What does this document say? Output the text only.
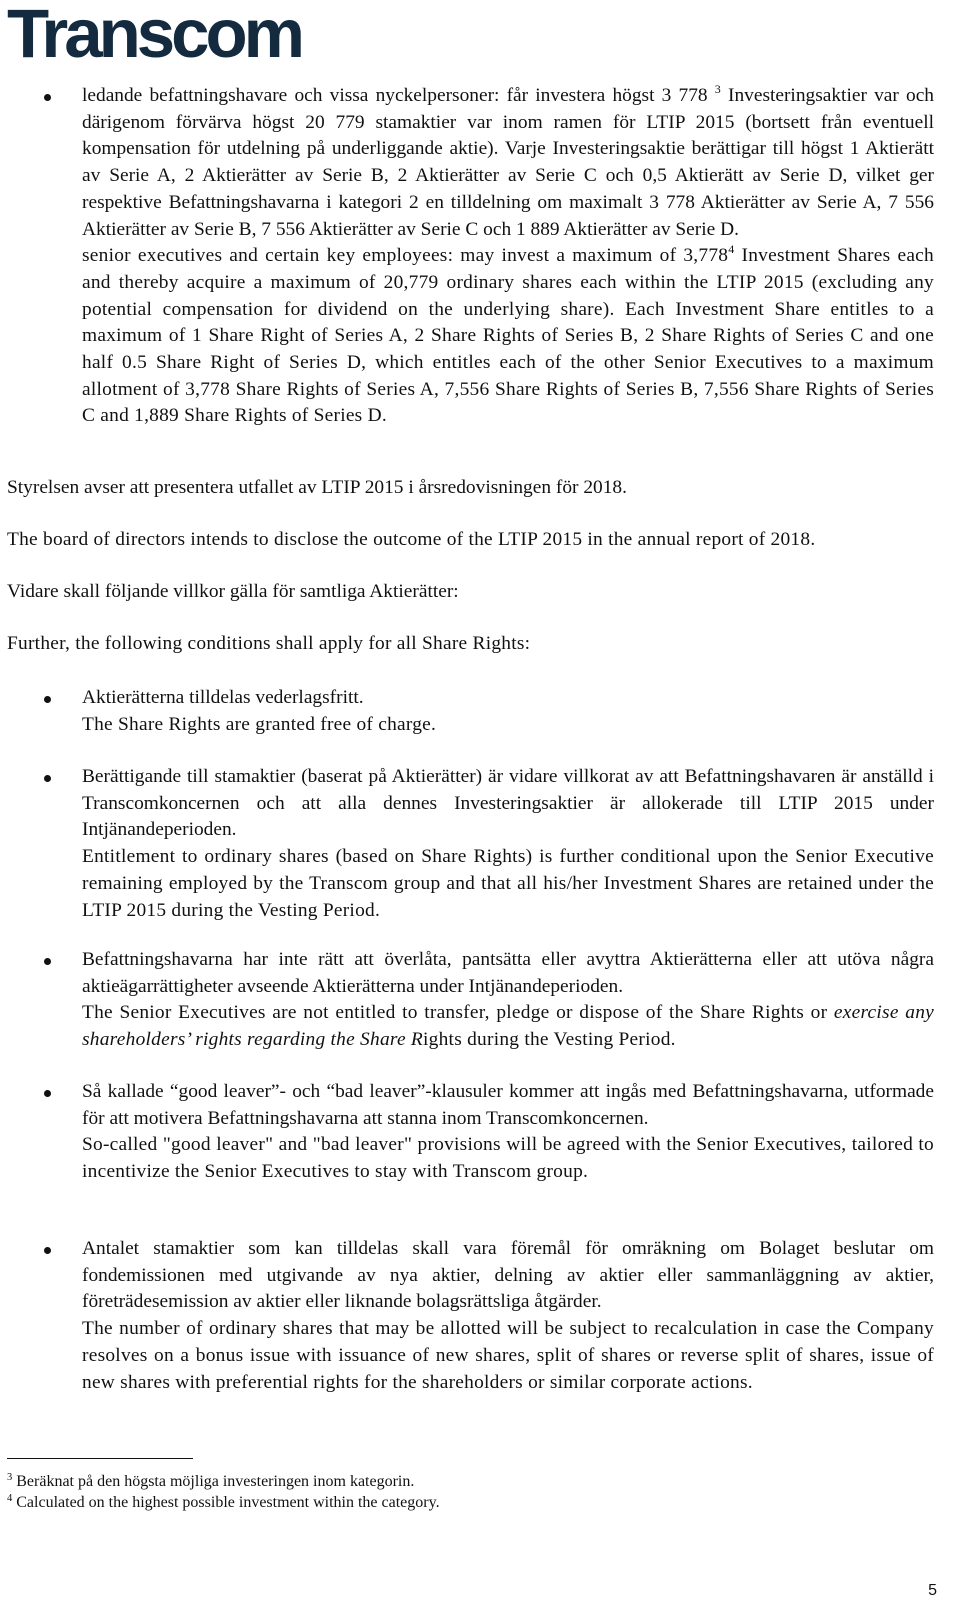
Transcom

ledande befattningshavare och vissa nyckelpersoner: får investera högst 3 778 $^3$ Investeringsaktier var och därigenom förvärva högst 20 779 stamaktier var inom ramen för LTIP 2015 (bortsett från eventuell kompensation för utdelning på underliggande aktie). Varje Investeringsaktie berättigar till högst 1 Aktierätt av Serie A, 2 Aktierätter av Serie B, 2 Aktierätter av Serie C och 0,5 Aktierätt av Serie D, vilket ger respektive Befattningshavarna i kategori 2 en tilldelning om maximalt 3 778 Aktierätter av Serie A, 7 556 Aktierätter av Serie B, 7 556 Aktierätter av Serie C och 1 889 Aktierätter av Serie D.

senior executives and certain key employees: may invest a maximum of 3,778$^4$ Investment Shares each and thereby acquire a maximum of 20,779 ordinary shares each within the LTIP 2015 (excluding any potential compensation for dividend on the underlying share). Each Investment Share entitles to a maximum of 1 Share Right of Series A, 2 Share Rights of Series B, 2 Share Rights of Series C and one half 0.5 Share Right of Series D, which entitles each of the other Senior Executives to a maximum allotment of 3,778 Share Rights of Series A, 7,556 Share Rights of Series B, 7,556 Share Rights of Series C and 1,889 Share Rights of Series D.

Styrelsen avser att presentera utfallet av LTIP 2015 i årsredovisningen för 2018.

The board of directors intends to disclose the outcome of the LTIP 2015 in the annual report of 2018.

Vidare skall följande villkor gälla för samtliga Aktierätter:

Further, the following conditions shall apply for all Share Rights:

Aktierätterna tilldelas vederlagsfritt.

The Share Rights are granted free of charge.

Berättigande till stamaktier (baserat på Aktierätter) är vidare villkorat av att Befattningshavaren är anställd i Transcomkoncernen och att alla dennes Investeringsaktier är allokerade till LTIP 2015 under Intjänandeperioden.

Entitlement to ordinary shares (based on Share Rights) is further conditional upon the Senior Executive remaining employed by the Transcom group and that all his/her Investment Shares are retained under the LTIP 2015 during the Vesting Period.

Befattningshavarna har inte rätt att överlåta, pantsätta eller avyttra Aktierätterna eller att utöva några aktieägarrättigheter avseende Aktierätterna under Intjänandeperioden.

The Senior Executives are not entitled to transfer, pledge or dispose of the Share Rights or exercise any shareholders’ rights regarding the Share Rights during the Vesting Period.

Så kallade “good leaver”- och “bad leaver”-klausuler kommer att ingås med Befattningshavarna, utformade för att motivera Befattningshavarna att stanna inom Transcomkoncernen.

So-called "good leaver" and "bad leaver" provisions will be agreed with the Senior Executives, tailored to incentivize the Senior Executives to stay with Transcom group.

Antalet stamaktier som kan tilldelas skall vara föremål för omräkning om Bolaget beslutar om fondemissionen med utgivande av nya aktier, delning av aktier eller sammanläggning av aktier, företrädesemission av aktier eller liknande bolagsrättsliga åtgärder.

The number of ordinary shares that may be allotted will be subject to recalculation in case the Company resolves on a bonus issue with issuance of new shares, split of shares or reverse split of shares, issue of new shares with preferential rights for the shareholders or similar corporate actions.

$^3$ Beräknat på den högsta möjliga investeringen inom kategorin.
$^4$ Calculated on the highest possible investment within the category.
5
